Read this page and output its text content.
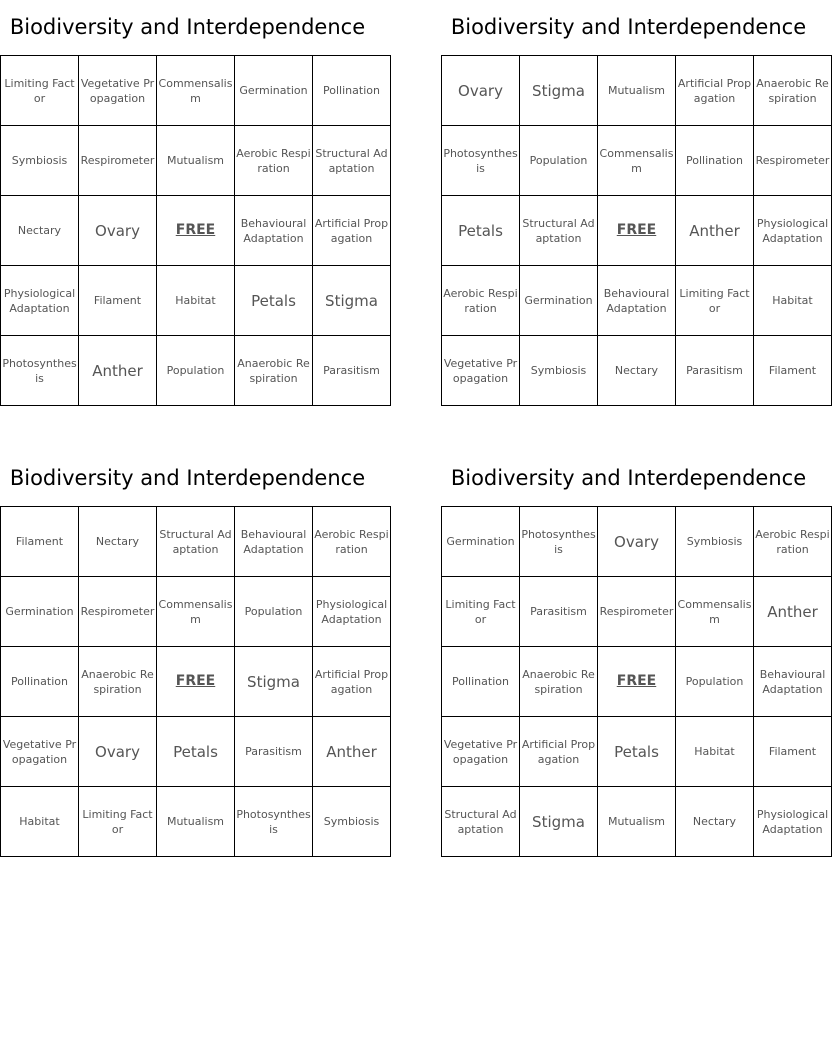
Biodiversity and Interdependence
Limiting Factor	Vegetative Propagation	Commensalism	Germination	Pollination
Symbiosis	Respirometer	Mutualism	Aerobic Respiration	Structural Adaptation
Nectary	Ovary	FREE	Behavioural Adaptation	Artificial Propagation
Physiological Adaptation	Filament	Habitat	Petals	Stigma
Photosynthesis	Anther	Population	Anaerobic Respiration	Parasitism
Biodiversity and Interdependence
Ovary	Stigma	Mutualism	Artificial Propagation	Anaerobic Respiration
Photosynthesis	Population	Commensalism	Pollination	Respirometer
Petals	Structural Adaptation	FREE	Anther	Physiological Adaptation
Aerobic Respiration	Germination	Behavioural Adaptation	Limiting Factor	Habitat
Vegetative Propagation	Symbiosis	Nectary	Parasitism	Filament
Biodiversity and Interdependence
Filament	Nectary	Structural Adaptation	Behavioural Adaptation	Aerobic Respiration
Germination	Respirometer	Commensalism	Population	Physiological Adaptation
Pollination	Anaerobic Respiration	FREE	Stigma	Artificial Propagation
Vegetative Propagation	Ovary	Petals	Parasitism	Anther
Habitat	Limiting Factor	Mutualism	Photosynthesis	Symbiosis
Biodiversity and Interdependence
Germination	Photosynthesis	Ovary	Symbiosis	Aerobic Respiration
Limiting Factor	Parasitism	Respirometer	Commensalism	Anther
Pollination	Anaerobic Respiration	FREE	Population	Behavioural Adaptation
Vegetative Propagation	Artificial Propagation	Petals	Habitat	Filament
Structural Adaptation	Stigma	Mutualism	Nectary	Physiological Adaptation
